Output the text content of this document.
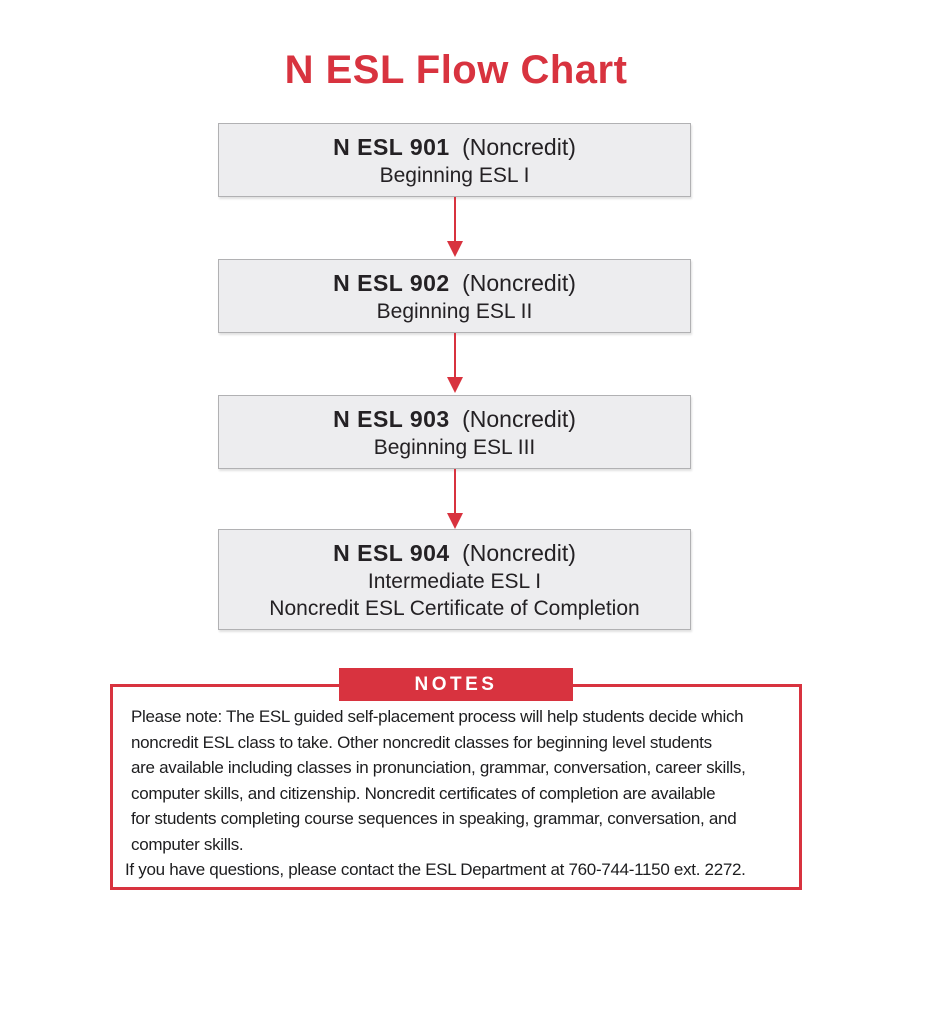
N ESL Flow Chart
N ESL 901 (Noncredit)
Beginning ESL I
N ESL 902 (Noncredit)
Beginning ESL II
N ESL 903 (Noncredit)
Beginning ESL III
N ESL 904 (Noncredit)
Intermediate ESL I
Noncredit ESL Certificate of Completion
NOTES
Please note: The ESL guided self-placement process will help students decide which
noncredit ESL class to take. Other noncredit classes for beginning level students
are available including classes in pronunciation, grammar, conversation, career skills,
computer skills, and citizenship. Noncredit certificates of completion are available
for students completing course sequences in speaking, grammar, conversation, and
computer skills.
If you have questions, please contact the ESL Department at 760-744-1150 ext. 2272.
